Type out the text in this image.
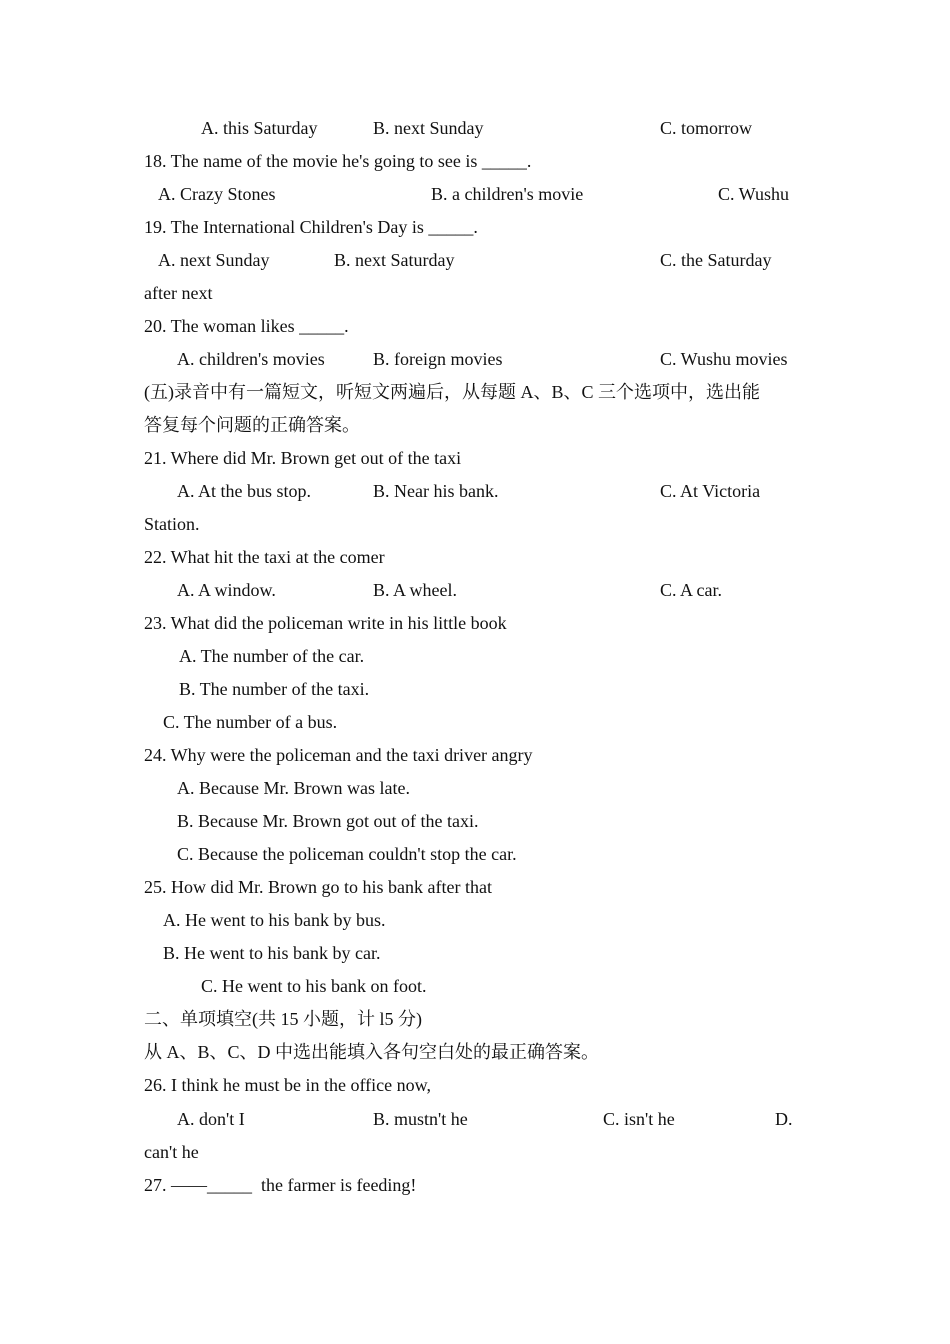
A. this Saturday	B. next Sunday	C. tomorrow
18. The name of the movie he's going to see is _____.
A. Crazy Stones	B. a children's movie	C. Wushu
19. The International Children's Day is _____.
A. next Sunday	B. next Saturday	C. the Saturday
after next
20. The woman likes _____.
A. children's movies	B. foreign movies	C. Wushu movies
(五)录音中有一篇短文，听短文两遍后，从每题 A、B、C 三个选项中，选出能
答复每个问题的正确答案。
21. Where did Mr. Brown get out of the taxi
A. At the bus stop.	B. Near his bank.	C. At Victoria
Station.
22. What hit the taxi at the comer
A. A window.	B. A wheel.	C. A car.
23. What did the policeman write in his little book
A. The number of the car.
B. The number of the taxi.
C. The number of a bus.
24. Why were the policeman and the taxi driver angry
A. Because Mr. Brown was late.
B. Because Mr. Brown got out of the taxi.
C. Because the policeman couldn't stop the car.
25. How did Mr. Brown go to his bank after that
A. He went to his bank by bus.
B. He went to his bank by car.
C. He went to his bank on foot.
二、单项填空(共 15 小题，计 l5 分)
从 A、B、C、D 中选出能填入各句空白处的最正确答案。
26. I think he must be in the office now,
A. don't I	B. mustn't he	C. isn't he	D.
can't he
27. ——_____  the farmer is feeding!
